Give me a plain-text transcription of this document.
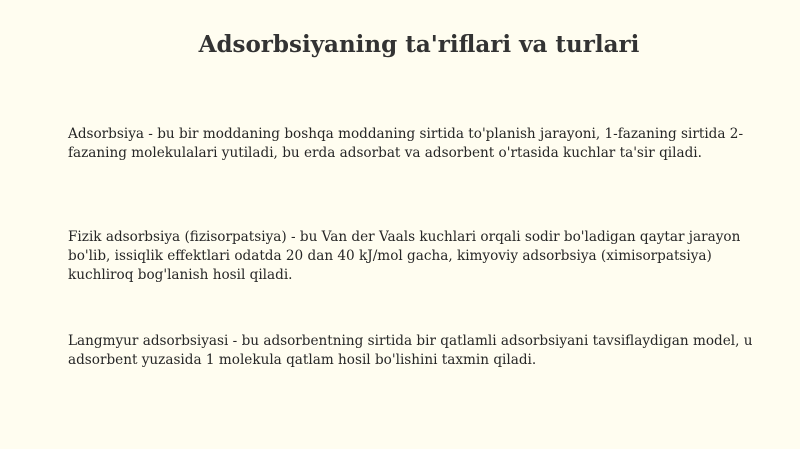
Adsorbsiyaning ta'riflari va turlari

Adsorbsiya - bu bir moddaning boshqa moddaning sirtida to'planish jarayoni, 1-fazaning sirtida 2-fazaning molekulalari yutiladi, bu erda adsorbat va adsorbent o'rtasida kuchlar ta'sir qiladi.

Fizik adsorbsiya (fizisorpatsiya) - bu Van der Vaals kuchlari orqali sodir bo'ladigan qaytar jarayon bo'lib, issiqlik effektlari odatda 20 dan 40 kJ/mol gacha, kimyoviy adsorbsiya (ximisorpatsiya) kuchliroq bog'lanish hosil qiladi.

Langmyur adsorbsiyasi - bu adsorbentning sirtida bir qatlamli adsorbsiyani tavsiflaydigan model, u adsorbent yuzasida 1 molekula qatlam hosil bo'lishini taxmin qiladi.
